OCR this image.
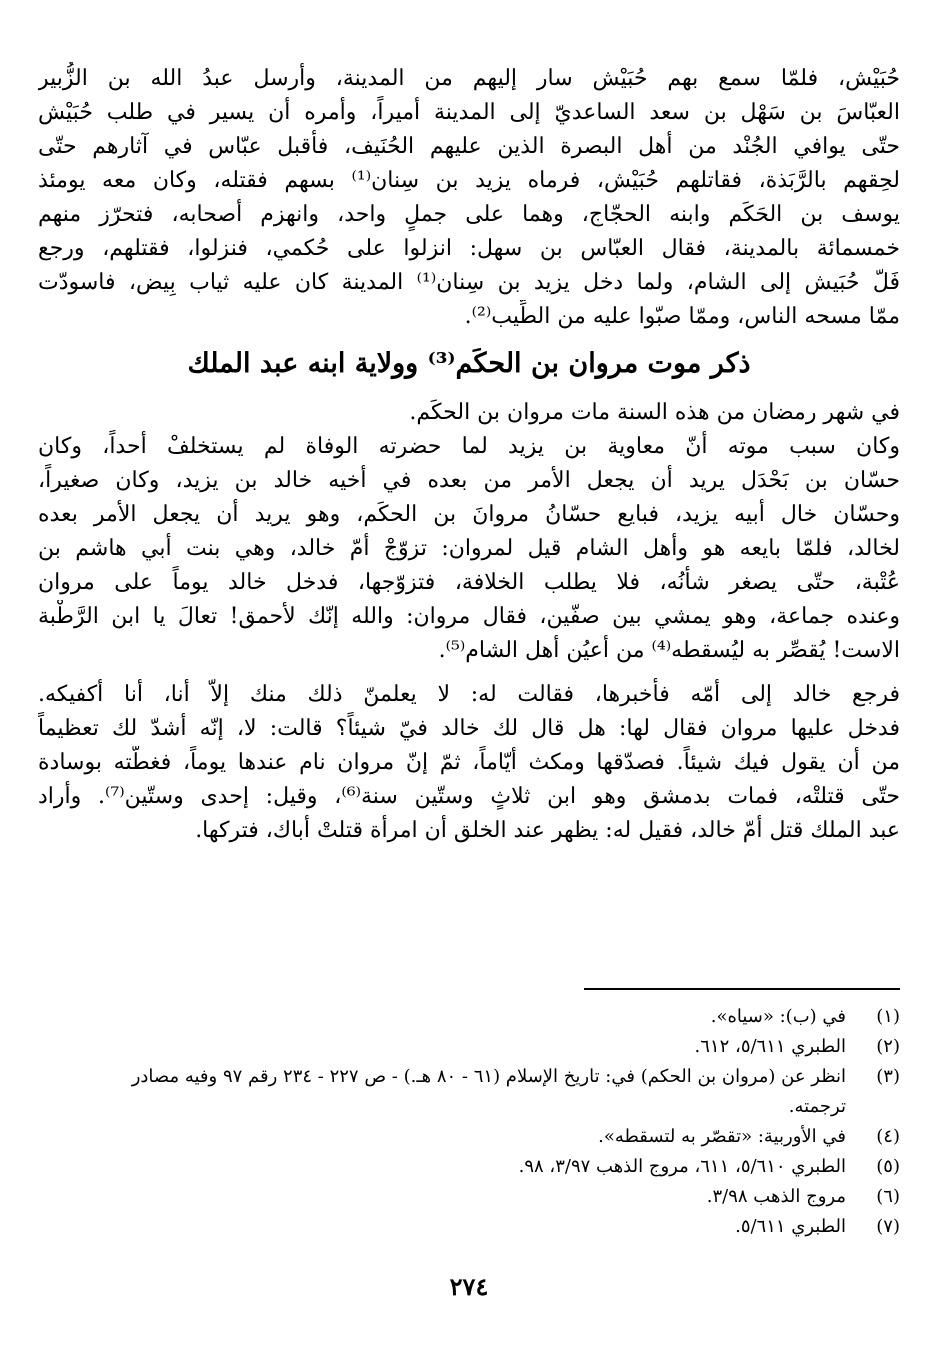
حُبَيْش، فلمّا سمع بهم حُبَيْش سار إليهم من المدينة، وأرسل عبدُ الله بن الزُّبير

العبّاسَ بن سَهْل بن سعد الساعديّ إلى المدينة أميراً، وأمره أن يسير في طلب حُبَيْش

حتّى يوافي الجُنْد من أهل البصرة الذين عليهم الحُنَيف، فأقبل عبّاس في آثارهم حتّى

لحِقهم بالرَّبَذة، فقاتلهم حُبَيْش، فرماه يزيد بن سِنان⁽¹⁾ بسهم فقتله، وكان معه يومئذ

يوسف بن الحَكَم وابنه الحجّاج، وهما على جملٍ واحد، وانهزم أصحابه، فتحرّز منهم

خمسمائة بالمدينة، فقال العبّاس بن سهل: انزلوا على حُكمي، فنزلوا، فقتلهم، ورجع

فَلّ حُبَيش إلى الشام، ولما دخل يزيد بن سِنان⁽¹⁾ المدينة كان عليه ثياب بِيض، فاسودّت

ممّا مسحه الناس، وممّا صبّوا عليه من الطِّيب⁽²⁾.

ذكر موت مروان بن الحكَم⁽³⁾ وولاية ابنه عبد الملك

في شهر رمضان من هذه السنة مات مروان بن الحكَم.

وكان سبب موته أنّ معاوية بن يزيد لما حضرته الوفاة لم يستخلفْ أحداً، وكان

حسّان بن بَحْدَل يريد أن يجعل الأمر من بعده في أخيه خالد بن يزيد، وكان صغيراً،

وحسّان خال أبيه يزيد، فبايع حسّانُ مروانَ بن الحكَم، وهو يريد أن يجعل الأمر بعده

لخالد، فلمّا بايعه هو وأهل الشام قيل لمروان: تزوّجْ أمّ خالد، وهي بنت أبي هاشم بن

عُتْبة، حتّى يصغر شأنُه، فلا يطلب الخلافة، فتزوّجها، فدخل خالد يوماً على مروان

وعنده جماعة، وهو يمشي بين صفّين، فقال مروان: والله إنّك لأحمق! تعالَ يا ابن الرَّطْبة

الاست! يُقصِّر به ليُسقطه⁽⁴⁾ من أعيُن أهل الشام⁽⁵⁾.

فرجع خالد إلى أمّه فأخبرها، فقالت له: لا يعلمنّ ذلك منك إلاّ أنا، أنا أكفيكه.

فدخل عليها مروان فقال لها: هل قال لك خالد فيّ شيئاً؟ قالت: لا، إنّه أشدّ لك تعظيماً

من أن يقول فيك شيئاً. فصدّقها ومكث أيّاماً، ثمّ إنّ مروان نام عندها يوماً، فغطّته بوسادة

حتّى قتلتْه، فمات بدمشق وهو ابن ثلاثٍ وستّين سنة⁽⁶⁾، وقيل: إحدى وستّين⁽⁷⁾. وأراد

عبد الملك قتل أمّ خالد، فقيل له: يظهر عند الخلق أن امرأة قتلتْ أباك، فتركها.

(١)
في (ب): «سياه».
(٢)
الطبري ٥/٦١١، ٦١٢.
(٣)
انظر عن (مروان بن الحكم) في: تاريخ الإسلام (٦١ - ٨٠ هـ.) - ص ٢٢٧ - ٢٣٤ رقم ٩٧ وفيه مصادر
ترجمته.
(٤)
في الأوربية: «تقصّر به لتسقطه».
(٥)
الطبري ٥/٦١٠، ٦١١، مروج الذهب ٣/٩٧، ٩٨.
(٦)
مروج الذهب ٣/٩٨.
(٧)
الطبري ٥/٦١١.
٢٧٤
